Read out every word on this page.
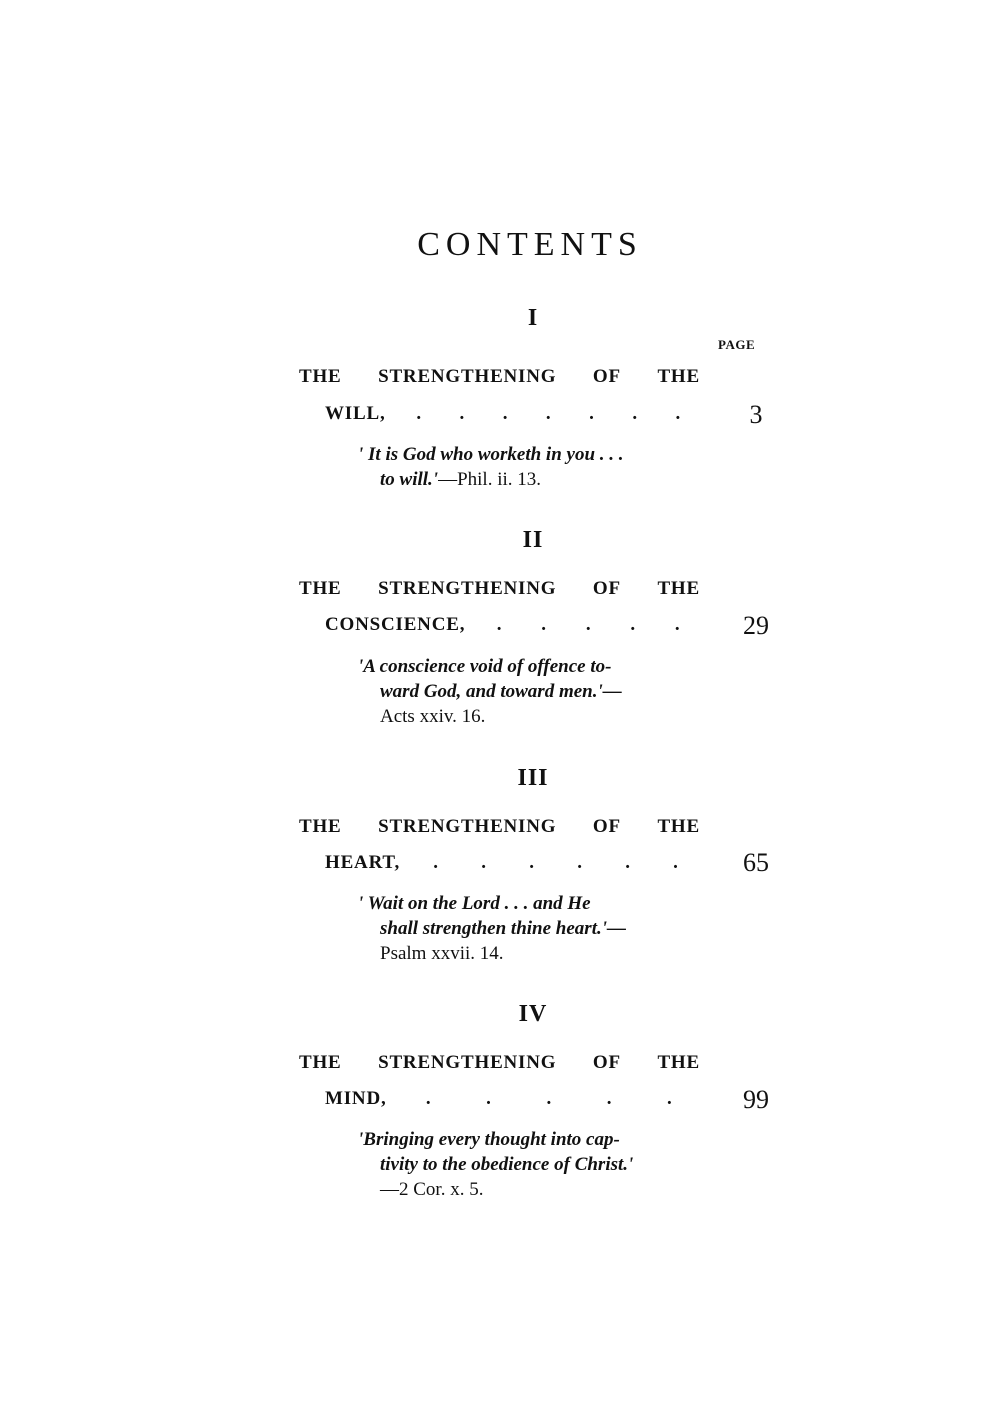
CONTENTS
PAGE
I
THE STRENGTHENING OF THE
WILL, . . . . . . .	3
' It is God who worketh in you . . .
to will.'—Phil. ii. 13.
II
THE STRENGTHENING OF THE
CONSCIENCE, . . . . . 29
'A conscience void of offence to-
ward God, and toward men.'—
Acts xxiv. 16.
III
THE STRENGTHENING OF THE
HEART, . . . . . . 65
' Wait on the Lord . . . and He
shall strengthen thine heart.'—
Psalm xxvii. 14.
IV
THE STRENGTHENING OF THE
MIND, .	.	.	.	.	99
'Bringing every thought into cap-
tivity to the obedience of Christ.'
—2 Cor. x. 5.
